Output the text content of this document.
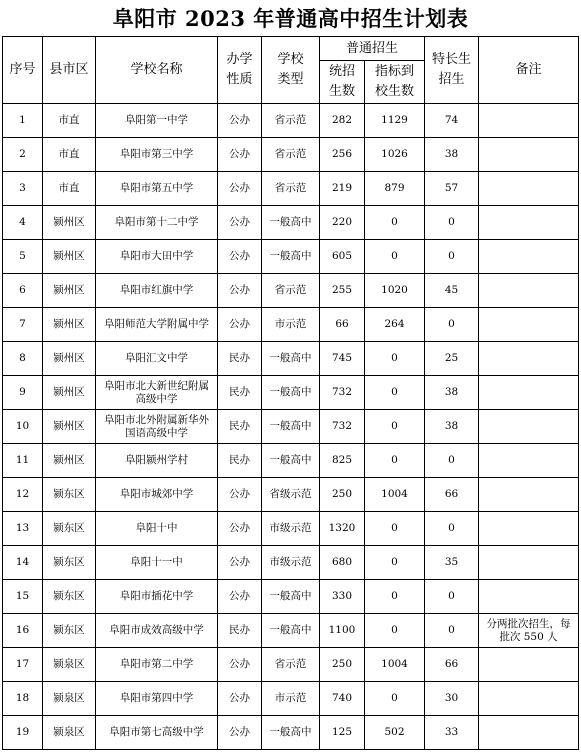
阜阳市 2023 年普通高中招生计划表
序号	县市区	学校名称	办学性质	学校类型	普通招生		特长生招生	备注
					统招生数	指标到校生数		
1	市直	阜阳第一中学	公办	省示范	282	1129	74	
2	市直	阜阳市第三中学	公办	省示范	256	1026	38	
3	市直	阜阳市第五中学	公办	省示范	219	879	57	
4	颍州区	阜阳市第十二中学	公办	一般高中	220	0	0	
5	颍州区	阜阳市大田中学	公办	一般高中	605	0	0	
6	颍州区	阜阳市红旗中学	公办	省示范	255	1020	45	
7	颍州区	阜阳师范大学附属中学	公办	市示范	66	264	0	
8	颍州区	阜阳汇文中学	民办	一般高中	745	0	25	
9	颍州区	阜阳市北大新世纪附属高级中学	民办	一般高中	732	0	38	
10	颍州区	阜阳市北外附属新华外国语高级中学	民办	一般高中	732	0	38	
11	颍州区	阜阳颍州学村	民办	一般高中	825	0	0	
12	颍东区	阜阳市城郊中学	公办	省级示范	250	1004	66	
13	颍东区	阜阳十中	公办	市级示范	1320	0	0	
14	颍东区	阜阳十一中	公办	市级示范	680	0	35	
15	颍东区	阜阳市插花中学	公办	一般高中	330	0	0	
16	颍东区	阜阳市成效高级中学	民办	一般高中	1100	0	0	分两批次招生，每批次 550 人
17	颍泉区	阜阳市第二中学	公办	省示范	250	1004	66	
18	颍泉区	阜阳市第四中学	公办	市示范	740	0	30	
19	颍泉区	阜阳市第七高级中学	公办	一般高中	125	502	33	
